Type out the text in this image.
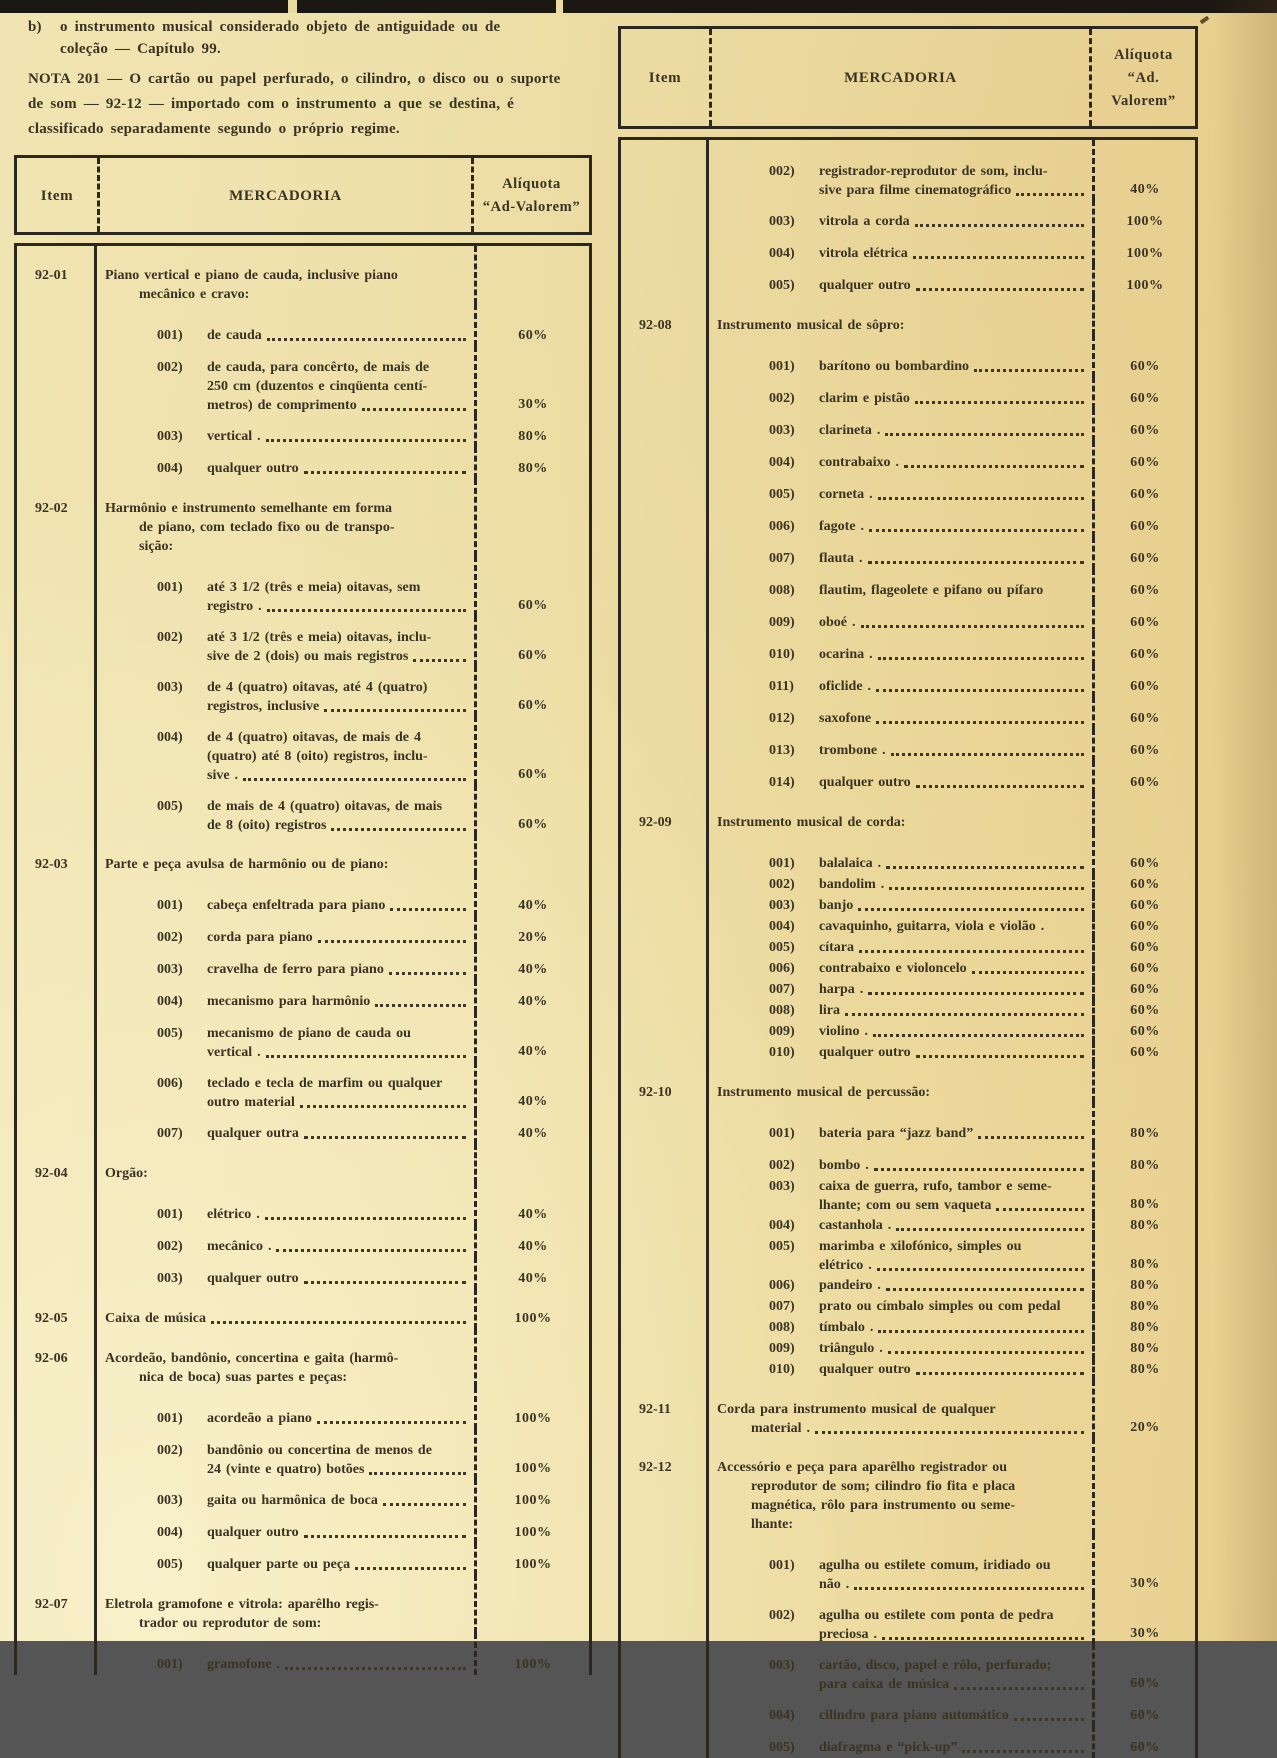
b)	o instrumento musical considerado objeto de antiguidade ou de
coleção — Capítulo 99.
NOTA 201 — O cartão ou papel perfurado, o cilindro, o disco ou o suporte
de som — 92-12 — importado com o instrumento a que se destina, é
classificado separadamente segundo o próprio regime.
Item	MERCADORIA
Alíquota
“Ad-Valorem”
92-01	Piano vertical e piano de cauda, inclusive piano
mecânico e cravo:
001)	de cauda	60%
002)	de cauda, para concêrto, de mais de
250 cm (duzentos e cinqüenta centí-
metros) de comprimento	30%
003)	vertical .	80%
004)	qualquer outro	80%
92-02	Harmônio e instrumento semelhante em forma
de piano, com teclado fixo ou de transpo-
sição:
001)	até 3 1/2 (três e meia) oitavas, sem
registro .	60%
002)	até 3 1/2 (três e meia) oitavas, inclu-
sive de 2 (dois) ou mais registros	60%
003)	de 4 (quatro) oitavas, até 4 (quatro)
registros, inclusive	60%
004)	de 4 (quatro) oitavas, de mais de 4
(quatro) até 8 (oito) registros, inclu-
sive .	60%
005)	de mais de 4 (quatro) oitavas, de mais
de 8 (oito) registros	60%
92-03	Parte e peça avulsa de harmônio ou de piano:
001)	cabeça enfeltrada para piano	40%
002)	corda para piano	20%
003)	cravelha de ferro para piano	40%
004)	mecanismo para harmônio	40%
005)	mecanismo de piano de cauda ou
vertical .	40%
006)	teclado e tecla de marfim ou qualquer
outro material	40%
007)	qualquer outra	40%
92-04	Orgão:
001)	elétrico .	40%
002)	mecânico .	40%
003)	qualquer outro	40%
92-05	Caixa de música	100%
92-06	Acordeão, bandônio, concertina e gaita (harmô-
nica de boca) suas partes e peças:
001)	acordeão a piano	100%
002)	bandônio ou concertina de menos de
24 (vinte e quatro) botões	100%
003)	gaita ou harmônica de boca	100%
004)	qualquer outro	100%
005)	qualquer parte ou peça	100%
92-07	Eletrola gramofone e vitrola: aparêlho regis-
trador ou reprodutor de som:
001)	gramofone .	100%
Item	MERCADORIA
Alíquota
“Ad. Valorem”
002)	registrador-reprodutor de som, inclu-
sive para filme cinematográfico	40%
003)	vitrola a corda	100%
004)	vitrola elétrica	100%
005)	qualquer outro	100%
92-08	Instrumento musical de sôpro:
001)	barítono ou bombardino	60%
002)	clarim e pistão	60%
003)	clarineta .	60%
004)	contrabaixo .	60%
005)	corneta .	60%
006)	fagote .	60%
007)	flauta .	60%
008)	flautim, flageolete e pifano ou pífaro	60%
009)	oboé .	60%
010)	ocarina .	60%
011)	oficlide .	60%
012)	saxofone	60%
013)	trombone .	60%
014)	qualquer outro	60%
92-09	Instrumento musical de corda:
001)	balalaica .	60%
002)	bandolim .	60%
003)	banjo	60%
004)	cavaquinho, guitarra, viola e violão .	60%
005)	cítara	60%
006)	contrabaixo e violoncelo	60%
007)	harpa .	60%
008)	lira	60%
009)	violino .	60%
010)	qualquer outro	60%
92-10	Instrumento musical de percussão:
001)	bateria para “jazz band”	80%
002)	bombo .	80%
003)	caixa de guerra, rufo, tambor e seme-
lhante; com ou sem vaqueta	80%
004)	castanhola .	80%
005)	marimba e xilofónico, simples ou
elétrico .	80%
006)	pandeiro .	80%
007)	prato ou címbalo simples ou com pedal	80%
008)	tímbalo .	80%
009)	triângulo .	80%
010)	qualquer outro	80%
92-11	Corda para instrumento musical de qualquer
material .	20%
92-12	Accessório e peça para aparêlho registrador ou
reprodutor de som; cilindro fio fita e placa
magnética, rôlo para instrumento ou seme-
lhante:
001)	agulha ou estilete comum, iridiado ou
não .	30%
002)	agulha ou estilete com ponta de pedra
preciosa .	30%
003)	cartão, disco, papel e rôlo, perfurado;
para caixa de música	60%
004)	cilindro para piano automático	60%
005)	diafragma e “pick-up”	60%
